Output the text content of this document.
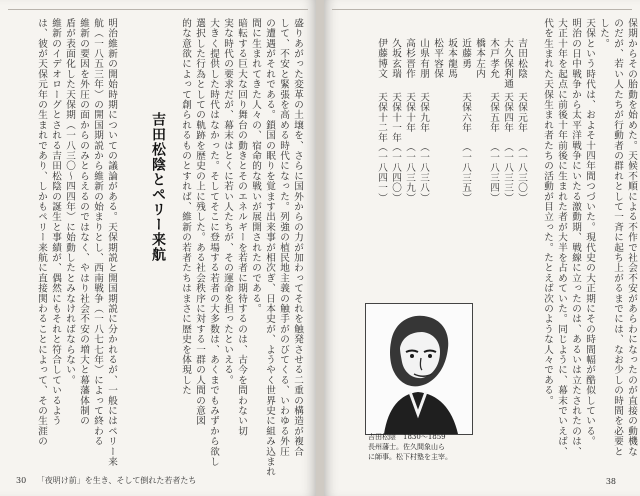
吉田松陰とペリー来航	盛りあがった変革の土壌を、さらに国外からの力が加わってそれを触発させる二重の構造が複合
して、不安と緊張を高める時代になった。列強の植民地主義の触手がのびてくる、いわゆる外圧
の遭遇がそれである。鎖国の眠りを覚ます出来事が相次ぎ、日本史が、ようやく世界史に組み込まれ
間に生まれてきた人々の、宿命的な戦いが展開されたのである。
暗転する巨大な回り舞台の動きとそのエネルギーを若者に期待するのは、古今を問わない切
実な時代の要求だが、幕末はとくに若い人たちが、その運命を担ったといえる。
大きく提供した時代はなかった。そしてそこに登場する若者の大多数は、あくまでもみずから欲し
選択した行為としての軌跡を歴史の上に残した。ある社会秩序に対する一群の人間の意図
的な意欲によって創られるものとすれば、維新の若者たちはまさに歴史を体現した
明治維新の開始時期についての議論がある。天保期説と開国期説に分かれるが、一般にはペリー来
航（一八五三年）の開国期説から維新の始まりとし、西南戦争（一八七七年）によって終わる
維新の要因を外圧の面からのみとらえるのではなく、やはり社会不安の増大と幕藩体制の
盾が表面化した天保期（一八三〇～四四年）に始動したとみなければならない。
維新のイデオローグとされる吉田松陰の誕生と事績が、偶然にもそれと符合しているよう
は、彼が天保元年の生まれであり、しかもペリー来航に直接関わることによって、その生涯の
30 「夜明け前」を生き、そして倒れた若者たち
保期からその胎動を始めた。天候不順による不作で社会不安があらわになったのが直接の動機な
のだが、若い人たちが行動者の群れとして一斉に起ち上がるまでには、なお少しの時間を必要と
した。
天保という時代は、およそ十四年間つづいた。現代史の大正期にその時間幅が酷似している。
明治の日中戦争から太平洋戦争にいたる激動期、戦線に立ったのは、あるいは立たされたのは、
大正十年を起点に前後十年前後に生まれた者が大半を占めていた。同じように、幕末でいえば、
代を生まれた天保生まれ者たちの活動が目立った。たとえば次のような人々である。
吉田松陰
天保元年
（一八三〇）
大久保利通
天保四年
（一八三三）
木戸孝允
天保五年
（一八三四）
橋本左内
近藤勇
天保六年
（一八三五）
坂本龍馬
松平容保
山県有朋
天保九年
（一八三八）
高杉晋作
天保十年
（一八三九）
久坂玄瑞
天保十一年
（一八四〇）
伊藤博文
天保十二年
（一八四一）
38
吉田松陰　1830～1859
長州藩士。佐久間象山ら
に師事。松下村塾を主宰。
